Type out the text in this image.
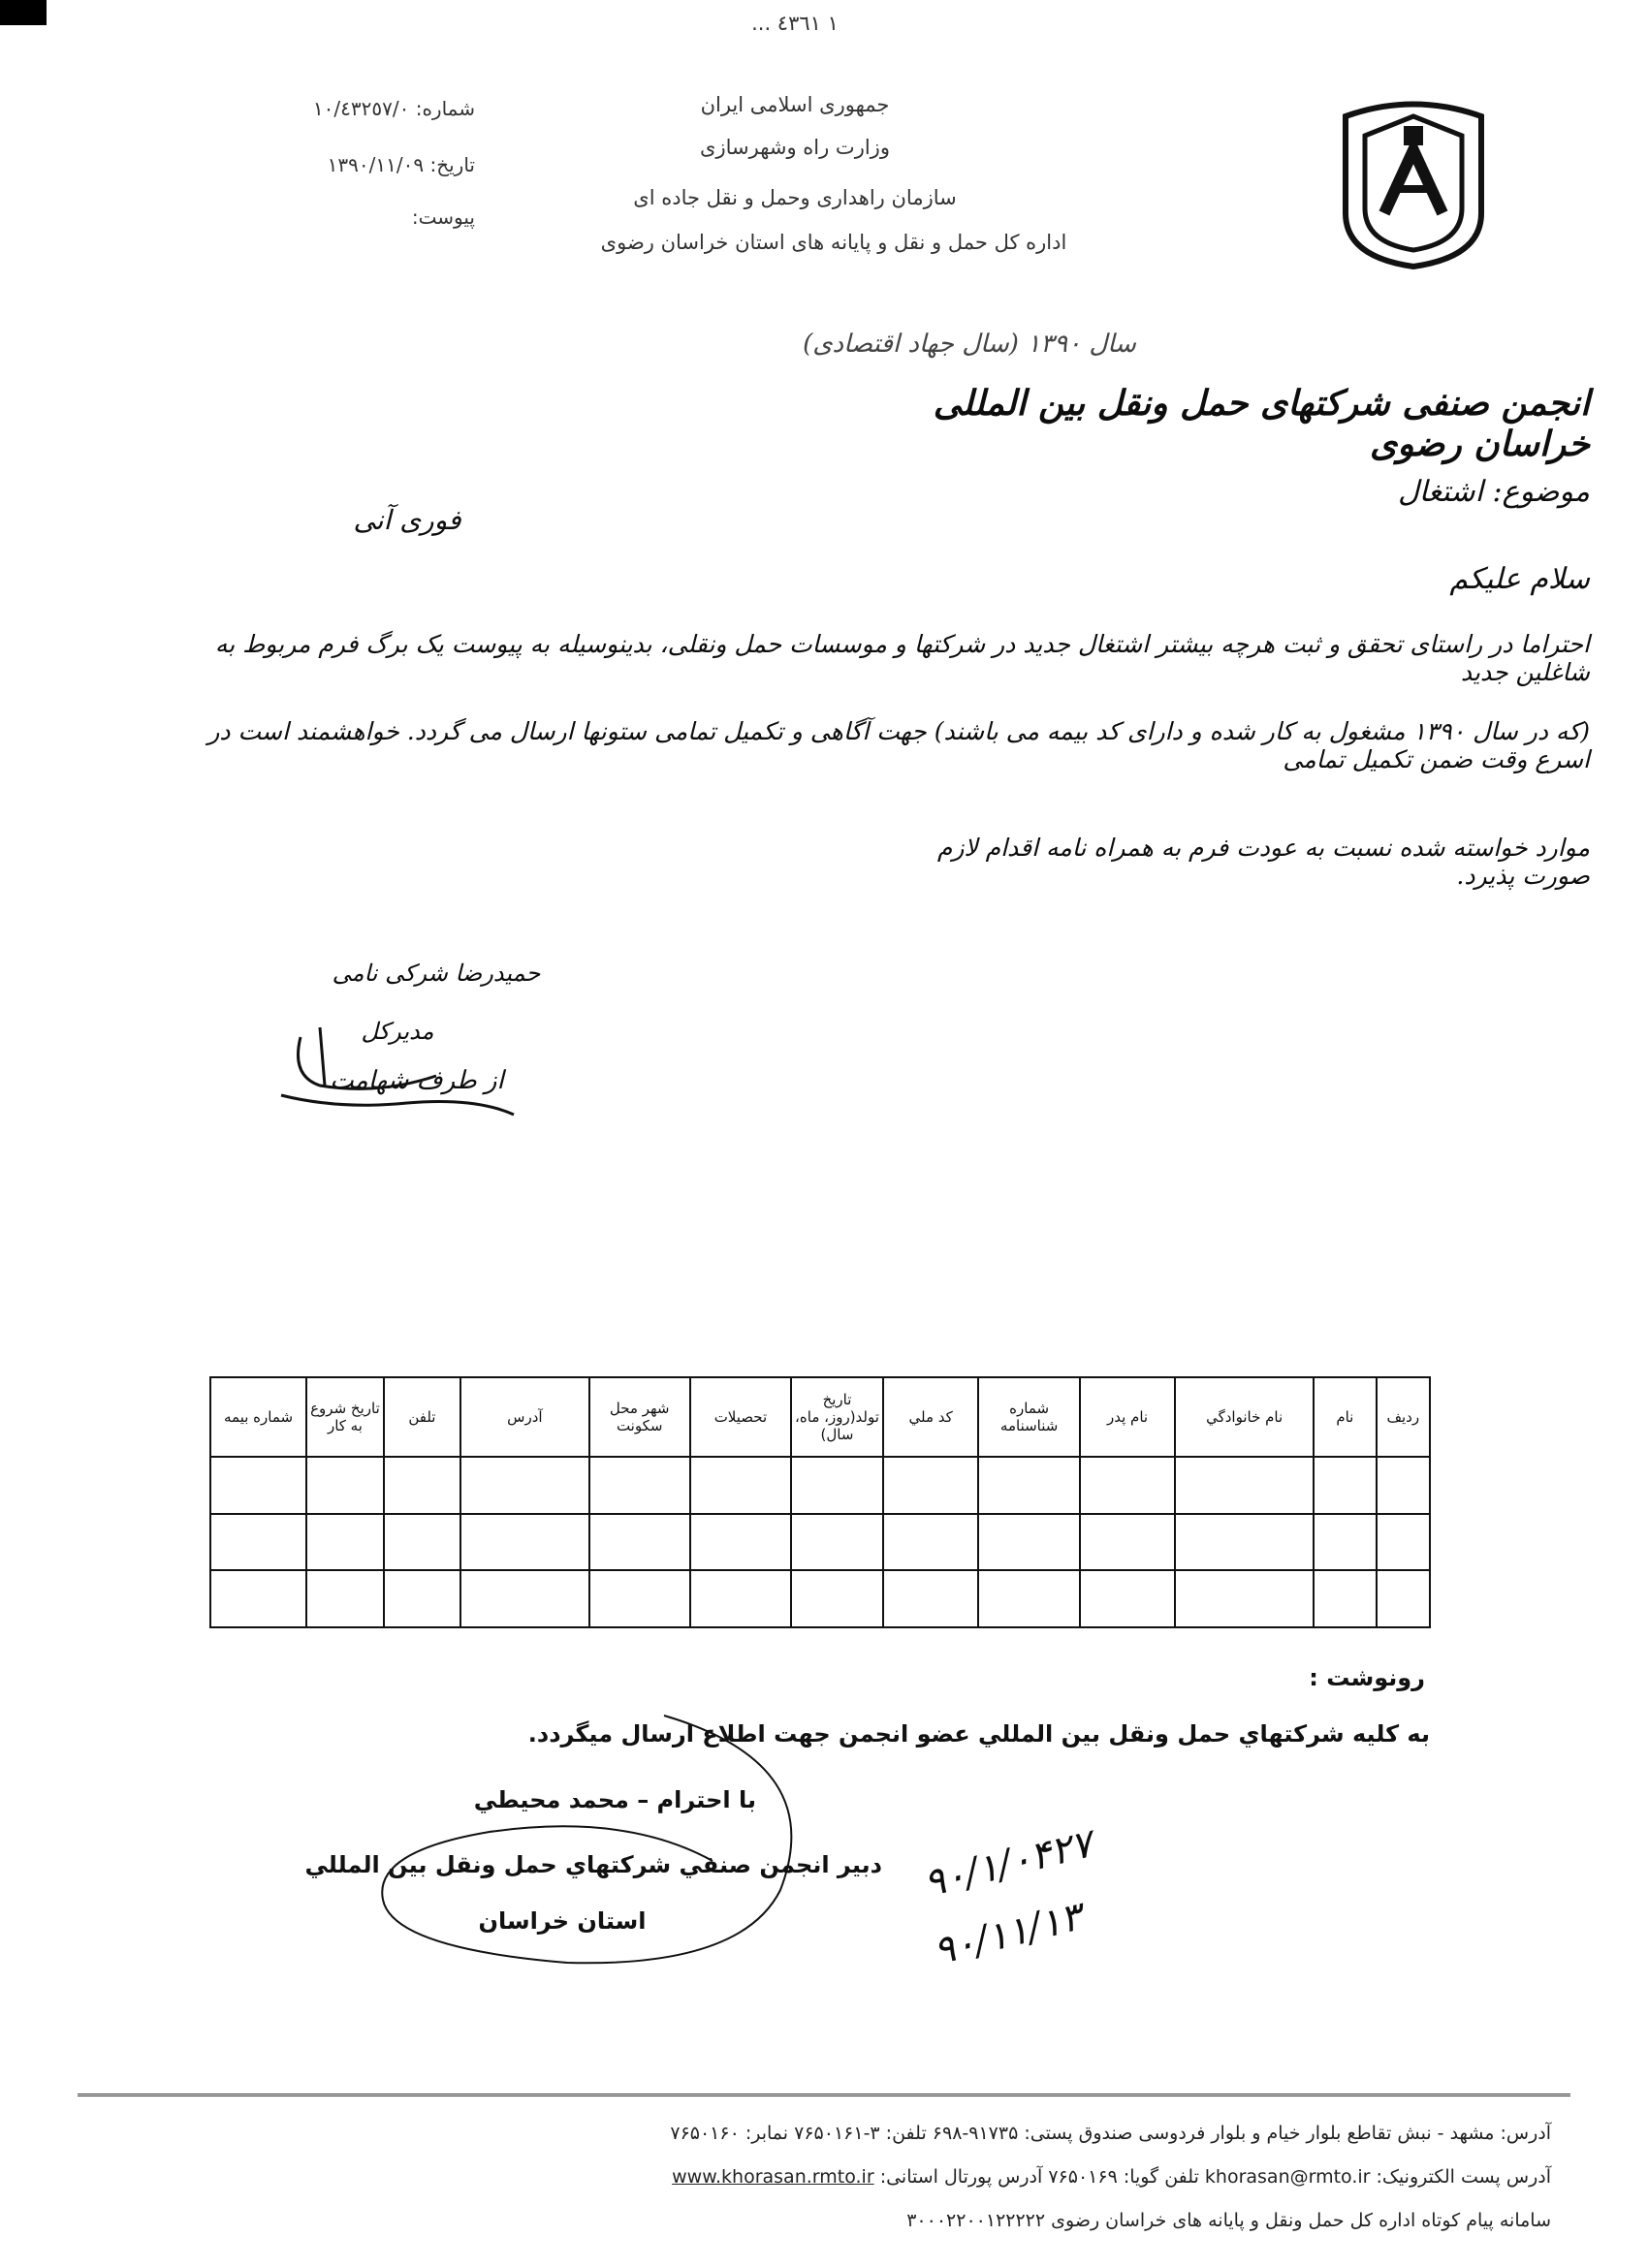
... ١ ٤٣٦١
جمهوری اسلامی ایران
وزارت راه وشهرسازی
سازمان راهداری وحمل و نقل جاده ای
اداره کل حمل و نقل و پایانه های استان خراسان رضوی
شماره: ١٠/٤٣٢٥٧/٠
تاریخ: ١٣٩٠/١١/٠٩
پیوست:
سال ۱۳۹۰ (سال جهاد اقتصادی)
انجمن صنفی شرکتهای حمل ونقل بین المللی خراسان رضوی
موضوع: اشتغال
فوری آنی
سلام علیکم
احتراما در راستای تحقق و ثبت هرچه بیشتر اشتغال جدید در شرکتها و موسسات حمل ونقلی، بدینوسیله به پیوست یک برگ فرم مربوط به شاغلین جدید
(که در سال ۱۳۹۰ مشغول به کار شده و دارای کد بیمه می باشند) جهت آگاهی و تکمیل تمامی ستونها ارسال می گردد. خواهشمند است در اسرع وقت ضمن تکمیل تمامی
موارد خواسته شده نسبت به عودت فرم به همراه نامه اقدام لازم صورت پذیرد.
حمیدرضا شرکی نامی
مدیرکل
از طرف شهامت
ردیف	نام	نام خانوادگي	نام پدر	شماره شناسنامه	کد ملي	تاریخ تولد(روز، ماه، سال)	تحصيلات	شهر محل سکونت	آدرس	تلفن	تاريخ شروع به کار	شماره بيمه

رونوشت :
به کليه شرکتهاي حمل ونقل بين المللي عضو انجمن جهت اطلاع ارسال ميگردد.
با احترام – محمد محيطي
دبير انجمن صنفي شرکتهاي حمل ونقل بين المللي
استان خراسان
۹۰/۱/۰۴۲۷
۹۰/۱۱/۱۳
آدرس: مشهد - نبش تقاطع بلوار خیام و بلوار فردوسی صندوق پستی: ۹۱۷۳۵-۶۹۸ تلفن: ۳-۷۶۵۰۱۶۱ نمابر: ۷۶۵۰۱۶۰
آدرس پست الکترونیک: khorasan@rmto.ir تلفن گویا: ۷۶۵۰۱۶۹ آدرس پورتال استانی: www.khorasan.rmto.ir
سامانه پیام کوتاه اداره کل حمل ونقل و پایانه های خراسان رضوی ۳۰۰۰۲۲۰۰۱۲۲۲۲۲
